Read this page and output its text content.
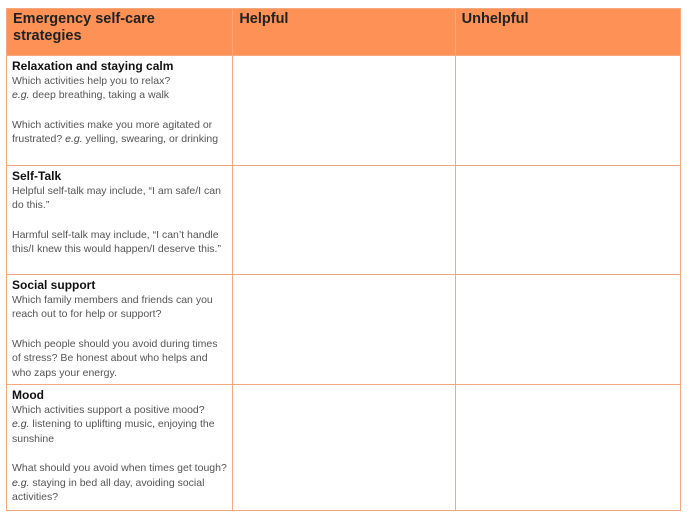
Emergency self-care strategies	Helpful	Unhelpful

Relaxation and staying calm
Which activities help you to relax?
e.g. deep breathing, taking a walk
Which activities make you more agitated or frustrated? e.g. yelling, swearing, or drinking		

Self-Talk
Helpful self-talk may include, “I am safe/I can do this.”
Harmful self-talk may include, “I can’t handle this/I knew this would happen/I deserve this.”		

Social support
Which family members and friends can you reach out to for help or support?
Which people should you avoid during times of stress? Be honest about who helps and who zaps your energy.		

Mood
Which activities support a positive mood?
e.g. listening to uplifting music, enjoying the sunshine
What should you avoid when times get tough? e.g. staying in bed all day, avoiding social activities?		
